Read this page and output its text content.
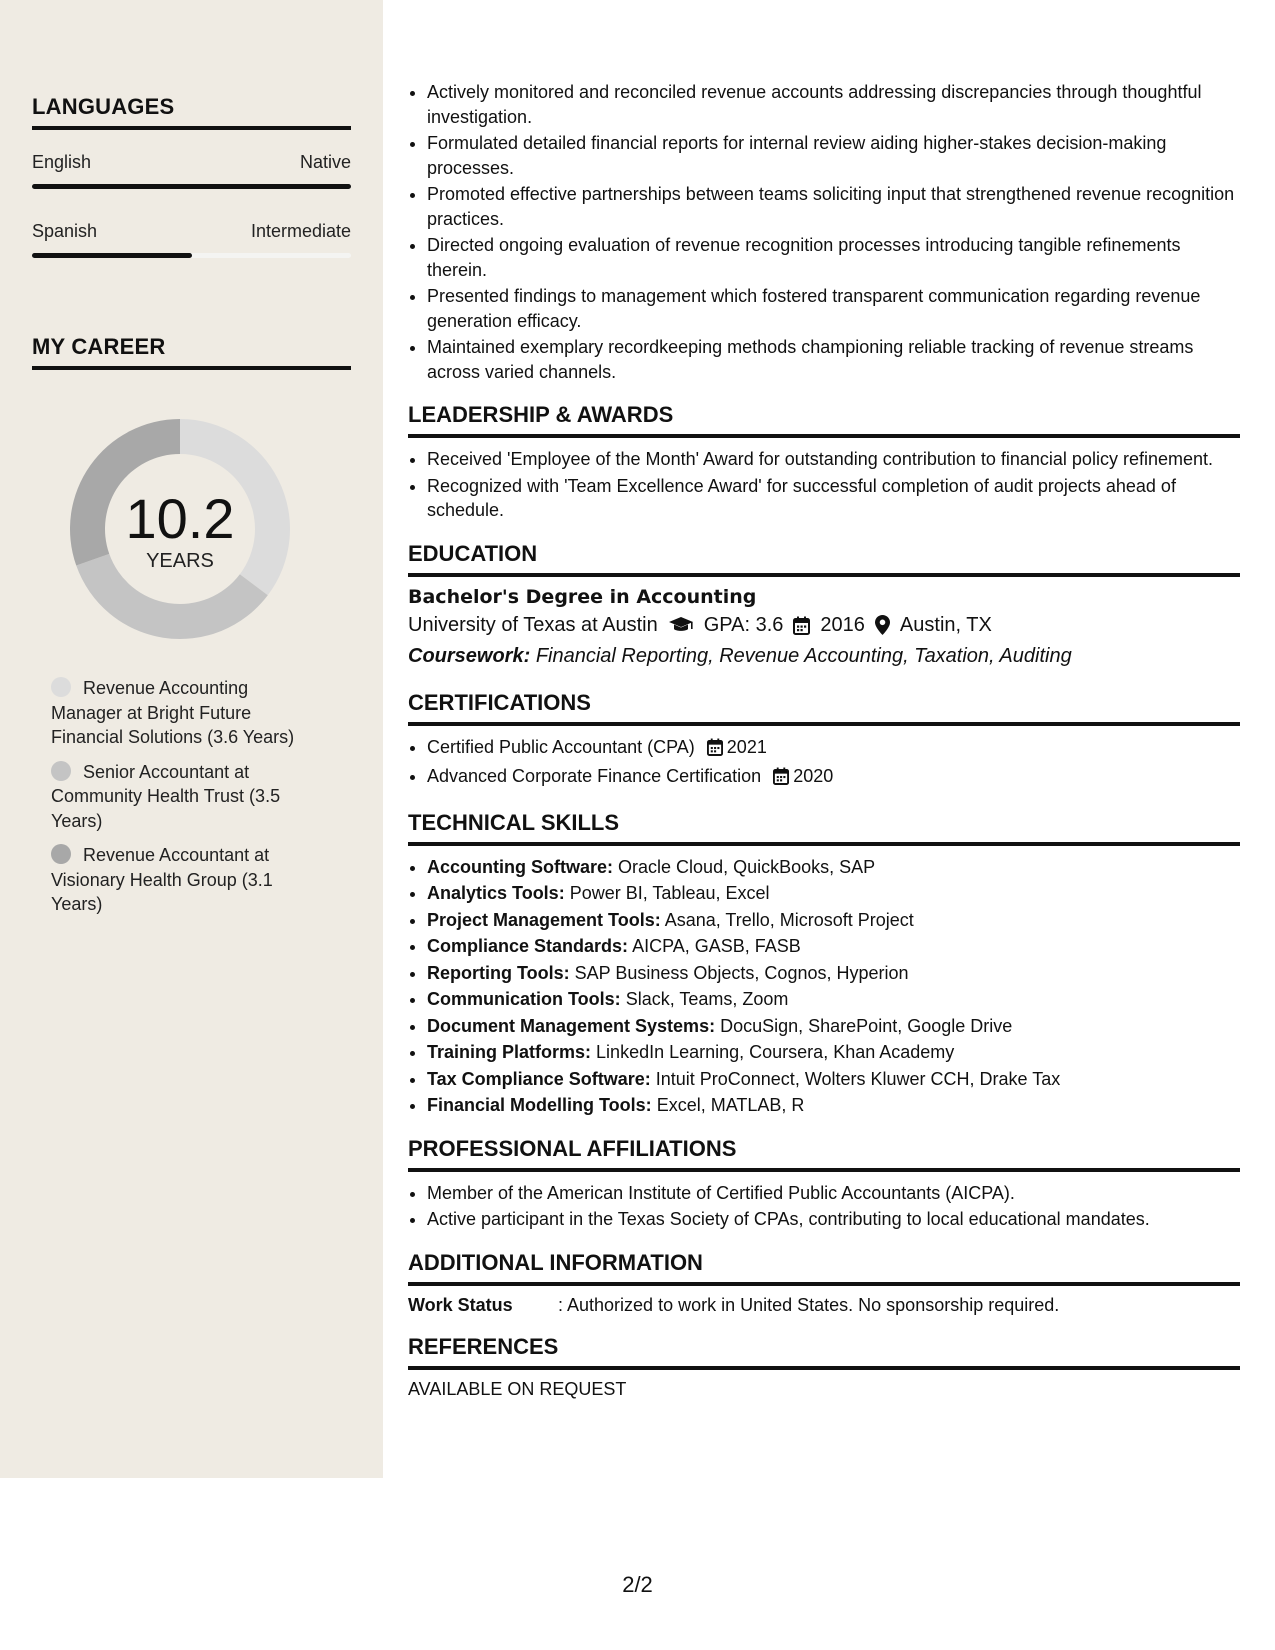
LANGUAGES
English	Native
Spanish	Intermediate
MY CAREER
10.2
YEARS
Revenue Accounting Manager at Bright Future Financial Solutions (3.6 Years)
Senior Accountant at Community Health Trust (3.5 Years)
Revenue Accountant at Visionary Health Group (3.1 Years)
• Actively monitored and reconciled revenue accounts addressing discrepancies through thoughtful investigation.
• Formulated detailed financial reports for internal review aiding higher-stakes decision-making processes.
• Promoted effective partnerships between teams soliciting input that strengthened revenue recognition practices.
• Directed ongoing evaluation of revenue recognition processes introducing tangible refinements therein.
• Presented findings to management which fostered transparent communication regarding revenue generation efficacy.
• Maintained exemplary recordkeeping methods championing reliable tracking of revenue streams across varied channels.
LEADERSHIP & AWARDS
• Received 'Employee of the Month' Award for outstanding contribution to financial policy refinement.
• Recognized with 'Team Excellence Award' for successful completion of audit projects ahead of schedule.
EDUCATION
Bachelor's Degree in Accounting
University of Texas at Austin GPA: 3.6 2016 Austin, TX
Coursework: Financial Reporting, Revenue Accounting, Taxation, Auditing
CERTIFICATIONS
• Certified Public Accountant (CPA) 2021
• Advanced Corporate Finance Certification 2020
TECHNICAL SKILLS
• Accounting Software: Oracle Cloud, QuickBooks, SAP
• Analytics Tools: Power BI, Tableau, Excel
• Project Management Tools: Asana, Trello, Microsoft Project
• Compliance Standards: AICPA, GASB, FASB
• Reporting Tools: SAP Business Objects, Cognos, Hyperion
• Communication Tools: Slack, Teams, Zoom
• Document Management Systems: DocuSign, SharePoint, Google Drive
• Training Platforms: LinkedIn Learning, Coursera, Khan Academy
• Tax Compliance Software: Intuit ProConnect, Wolters Kluwer CCH, Drake Tax
• Financial Modelling Tools: Excel, MATLAB, R
PROFESSIONAL AFFILIATIONS
• Member of the American Institute of Certified Public Accountants (AICPA).
• Active participant in the Texas Society of CPAs, contributing to local educational mandates.
ADDITIONAL INFORMATION
Work Status	: Authorized to work in United States. No sponsorship required.
REFERENCES
AVAILABLE ON REQUEST
2/2
